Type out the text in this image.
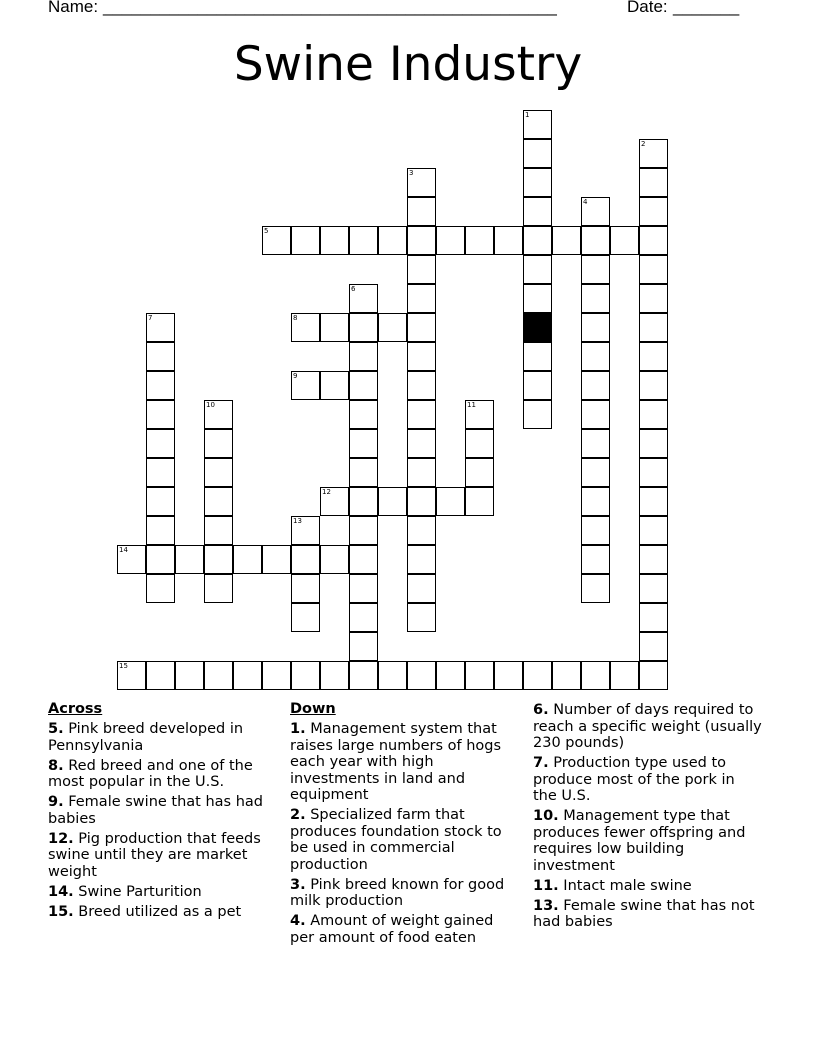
Name: ________________________________________________	Date: _______
Swine Industry
1
2
3
4
5
6
7	8
9
10	11
12
13
14
15
Across
5. Pink breed developed in Pennsylvania
8. Red breed and one of the most popular in the U.S.
9. Female swine that has had babies
12. Pig production that feeds swine until they are market weight
14. Swine Parturition
15. Breed utilized as a pet
Down
1. Management system that raises large numbers of hogs each year with high investments in land and equipment
2. Specialized farm that produces foundation stock to be used in commercial production
3. Pink breed known for good milk production
4. Amount of weight gained per amount of food eaten
6. Number of days required to reach a specific weight (usually 230 pounds)
7. Production type used to produce most of the pork in the U.S.
10. Management type that produces fewer offspring and requires low building investment
11. Intact male swine
13. Female swine that has not had babies
